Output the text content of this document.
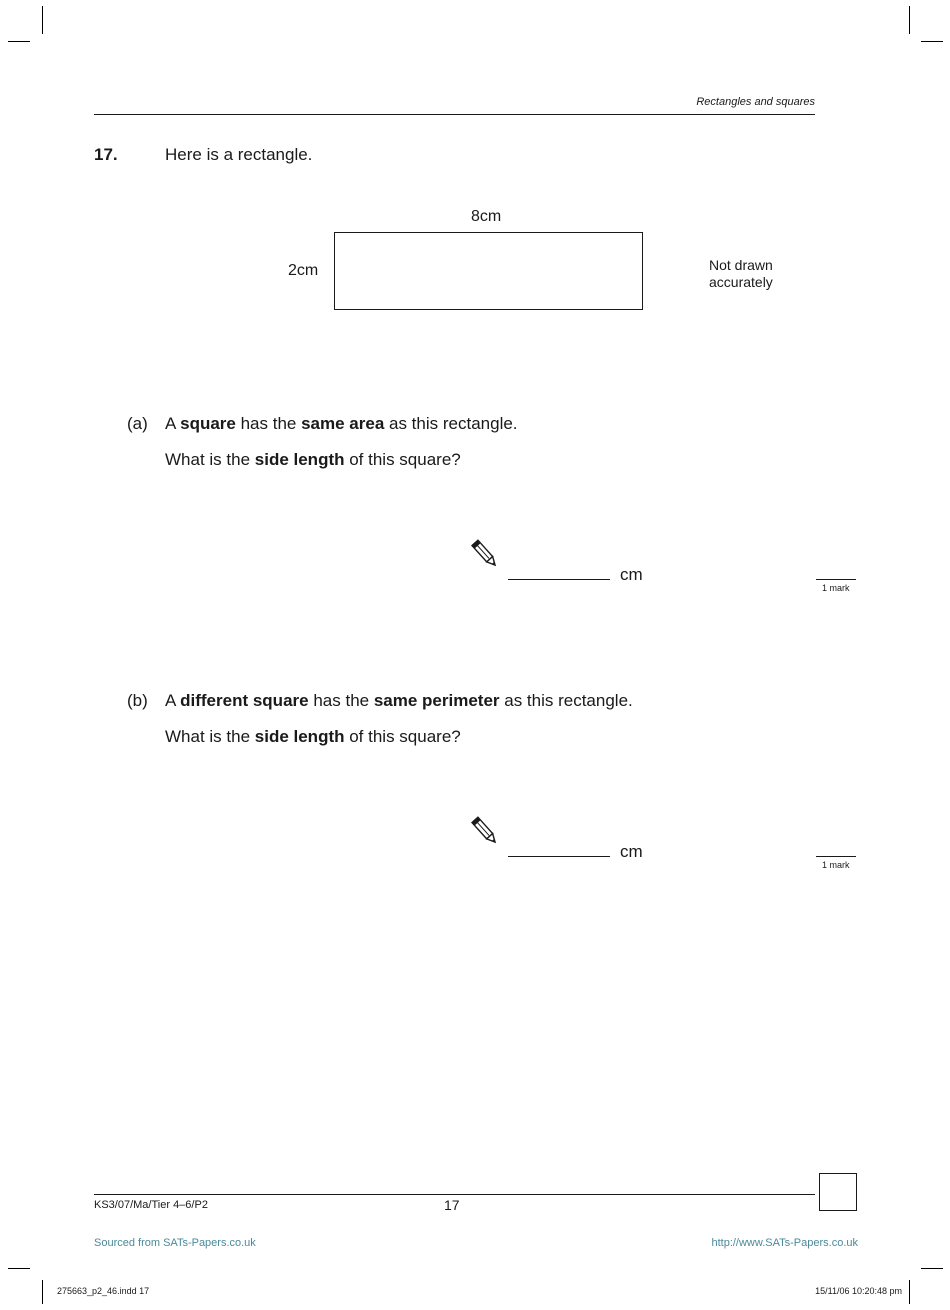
Rectangles and squares
17.	Here is a rectangle.
8cm
2cm	Not drawn
accurately
(a) A square has the same area as this rectangle.
What is the side length of this square?
cm
1 mark
(b) A different square has the same perimeter as this rectangle.
What is the side length of this square?
cm
1 mark
KS3/07/Ma/Tier 4–6/P2	17
Sourced from SATs-Papers.co.uk	http://www.SATs-Papers.co.uk
275663_p2_46.indd 17	15/11/06 10:20:48 pm
